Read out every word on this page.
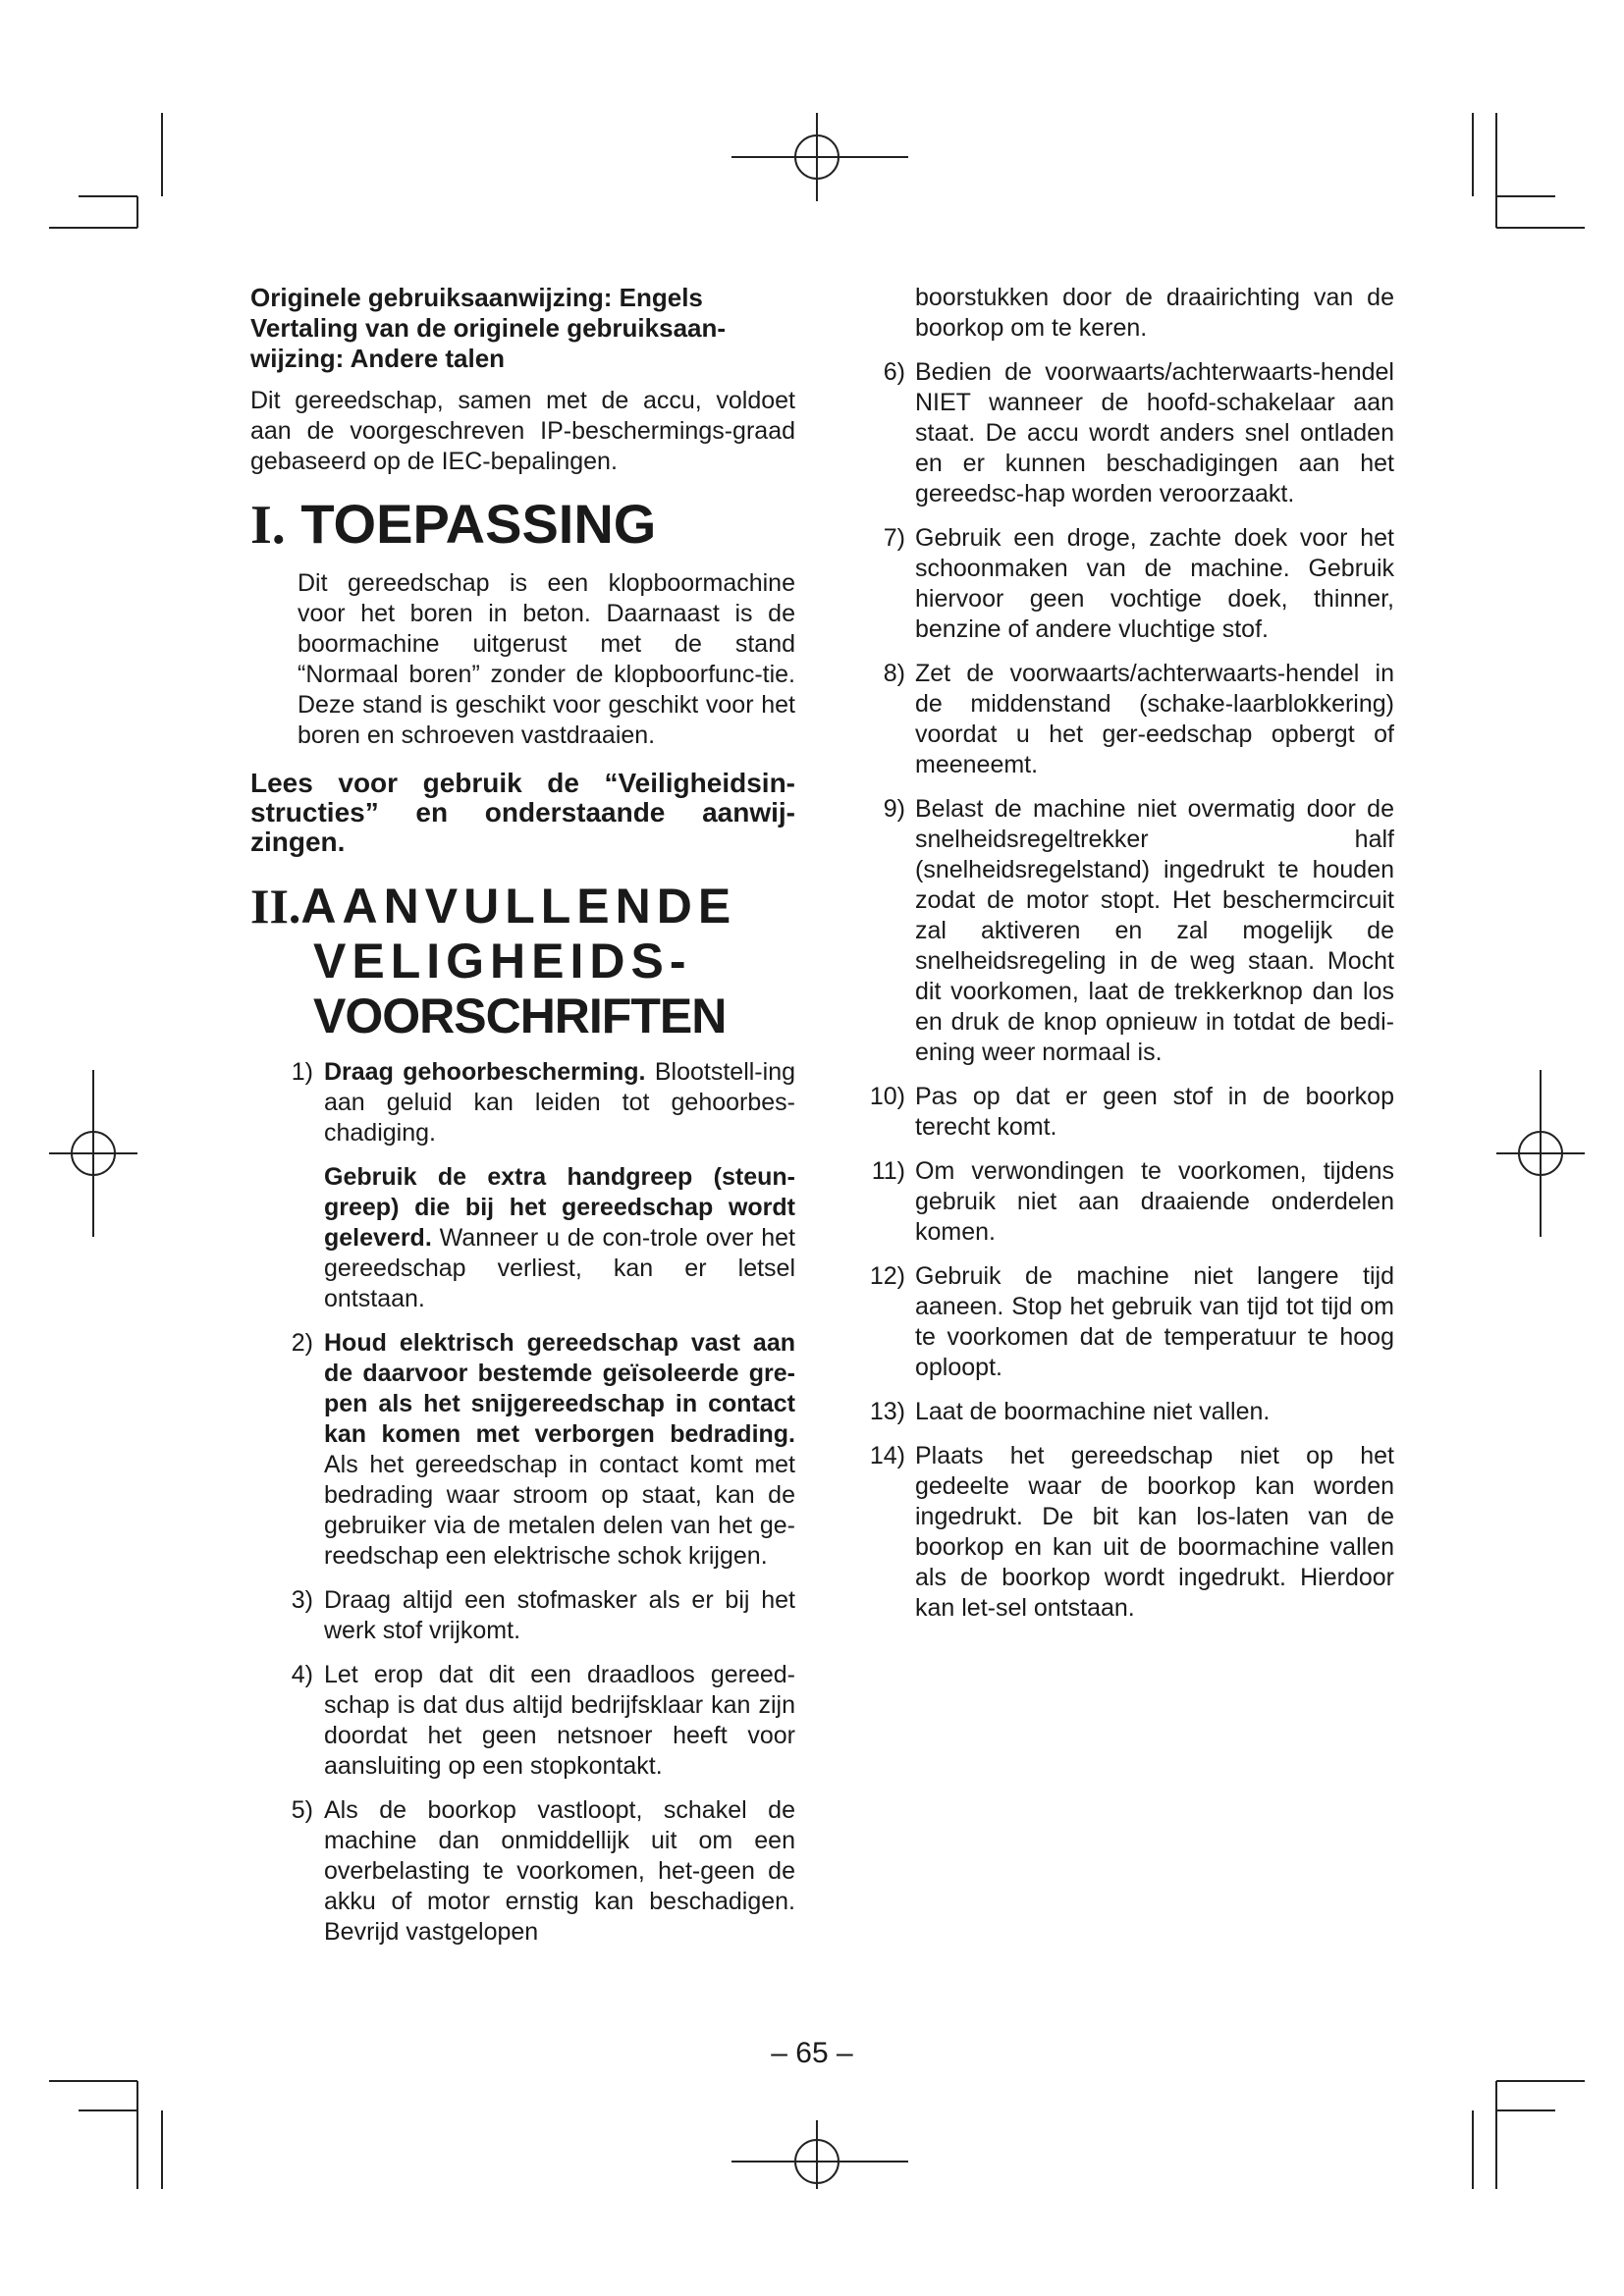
Originele gebruiksaanwijzing: Engels
Vertaling van de originele gebruiksaan-
wijzing: Andere talen

Dit gereedschap, samen met de accu, voldoet aan de voorgeschreven IP-beschermings-graad gebaseerd op de IEC-bepalingen.

I. TOEPASSING

Dit gereedschap is een klopboormachine voor het boren in beton. Daarnaast is de boormachine uitgerust met de stand “Normaal boren” zonder de klopboorfunc-tie. Deze stand is geschikt voor geschikt voor het boren en schroeven vastdraaien.

Lees voor gebruik de “Veiligheidsin-structies” en onderstaande aanwij-zingen.

II.AANVULLENDE
VELIGHEIDS-
VOORSCHRIFTEN
1) Draag gehoorbescherming. Blootstell-ing aan geluid kan leiden tot gehoorbes-chadiging.

Gebruik de extra handgreep (steun-greep) die bij het gereedschap wordt geleverd. Wanneer u de con-trole over het gereedschap verliest, kan er letsel ontstaan.

2) Houd elektrisch gereedschap vast aan de daarvoor bestemde geïsoleerde gre-pen als het snijgereedschap in contact kan komen met verborgen bedrading. Als het gereedschap in contact komt met bedrading waar stroom op staat, kan de gebruiker via de metalen delen van het ge-reedschap een elektrische schok krijgen.

3) Draag altijd een stofmasker als er bij het werk stof vrijkomt.

4) Let erop dat dit een draadloos gereed-schap is dat dus altijd bedrijfsklaar kan zijn doordat het geen netsnoer heeft voor aansluiting op een stopkontakt.

5) Als de boorkop vastloopt, schakel de machine dan onmiddellijk uit om een overbelasting te voorkomen, het-geen de akku of motor ernstig kan beschadigen. Bevrijd vastgelopen

boorstukken door de draairichting van de boorkop om te keren.

6) Bedien de voorwaarts/achterwaarts-hendel NIET wanneer de hoofd-schakelaar aan staat. De accu wordt anders snel ontladen en er kunnen beschadigingen aan het gereedsc-hap worden veroorzaakt.

7) Gebruik een droge, zachte doek voor het schoonmaken van de machine. Gebruik hiervoor geen vochtige doek, thinner, benzine of andere vluchtige stof.

8) Zet de voorwaarts/achterwaarts-hendel in de middenstand (schake-laarblokkering) voordat u het ger-eedschap opbergt of meeneemt.

9) Belast de machine niet overmatig door de snelheidsregeltrekker half (snelheidsregelstand) ingedrukt te houden zodat de motor stopt. Het beschermcircuit zal aktiveren en zal mogelijk de snelheidsregeling in de weg staan. Mocht dit voorkomen, laat de trekkerknop dan los en druk de knop opnieuw in totdat de bedi-ening weer normaal is.

10) Pas op dat er geen stof in de boorkop terecht komt.

11) Om verwondingen te voorkomen, tijdens gebruik niet aan draaiende onderdelen komen.

12) Gebruik de machine niet langere tijd aaneen. Stop het gebruik van tijd tot tijd om te voorkomen dat de temperatuur te hoog oploopt.

13) Laat de boormachine niet vallen.

14) Plaats het gereedschap niet op het gedeelte waar de boorkop kan worden ingedrukt. De bit kan los-laten van de boorkop en kan uit de boormachine vallen als de boorkop wordt ingedrukt. Hierdoor kan let-sel ontstaan.

– 65 –
